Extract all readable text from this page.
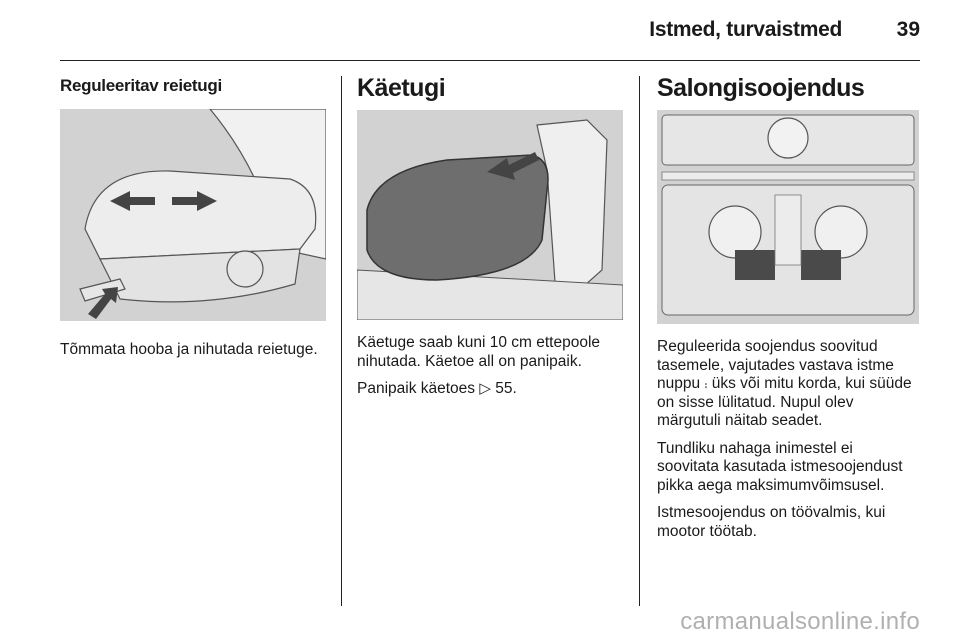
Istmed, turvaistmed	39
Reguleeritav reietugi

Tõmmata hooba ja nihutada reietuge.

Käetugi

Käetuge saab kuni 10 cm ettepoole nihutada. Käetoe all on panipaik.

Panipaik käetoes ▷ 55.

Salongisoojendus

Reguleerida soojendus soovitud tasemele, vajutades vastava istme nuppu ⨾ üks või mitu korda, kui süüde on sisse lülitatud. Nupul olev märgutuli näitab seadet.

Tundliku nahaga inimestel ei soovitata kasutada istmesoojendust pikka aega maksimumvõimsusel.

Istmesoojendus on töövalmis, kui mootor töötab.

carmanualsonline.info
